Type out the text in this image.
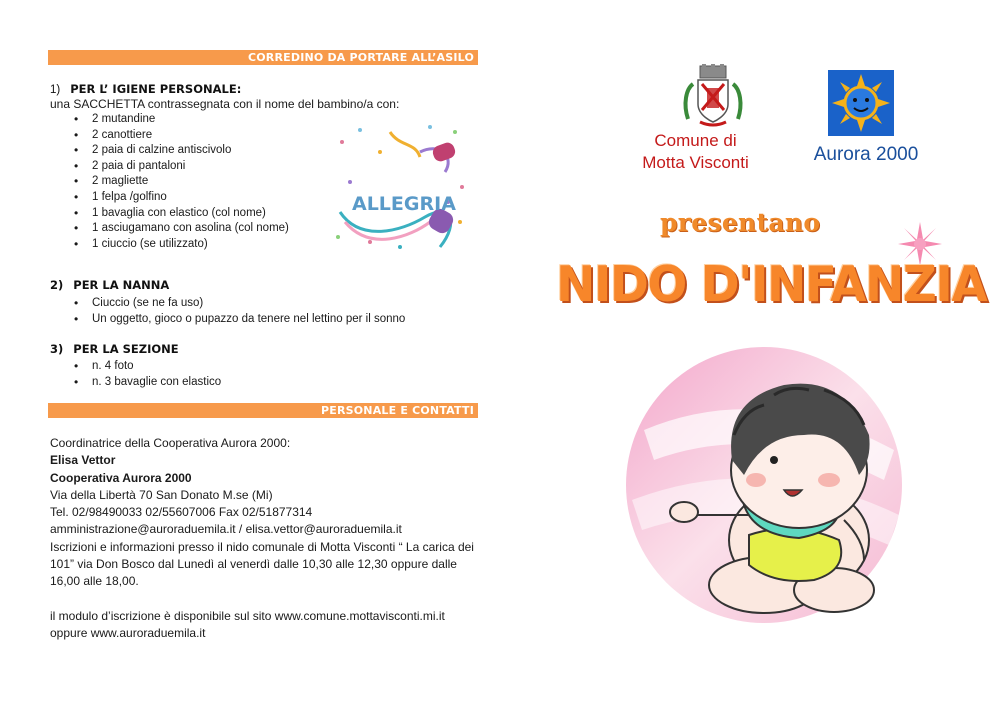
CORREDINO DA PORTARE ALL’ASILO
1) PER L’ IGIENE PERSONALE:
una SACCHETTA contrassegnata con il nome del bambino/a con:
• 2 mutandine
• 2 canottiere
• 2 paia di calzine antiscivolo
• 2 paia di pantaloni
• 2 magliette
• 1 felpa /golfino
• 1 bavaglia con elastico (col nome)
• 1 asciugamano con asolina (col nome)
• 1 ciuccio (se utilizzato)
2) PER LA NANNA
• Ciuccio (se ne fa uso)
• Un oggetto, gioco o pupazzo da tenere nel lettino per il sonno
3) PER LA SEZIONE
• n. 4 foto
• n. 3 bavaglie con elastico
PERSONALE E CONTATTI
ALLEGRIA

Coordinatrice della Cooperativa Aurora 2000:

Elisa Vettor

Cooperativa Aurora 2000

Via della Libertà 70 San Donato M.se (Mi)

Tel. 02/98490033 02/55607006 Fax 02/51877314

amministrazione@auroraduemila.it / elisa.vettor@auroraduemila.it

Iscrizioni e informazioni presso il nido comunale di Motta Visconti “ La carica dei

101” via Don Bosco dal Lunedì al venerdì dalle 10,30 alle 12,30 oppure dalle

16,00 alle 18,00.

il modulo d’iscrizione è disponibile sul sito www.comune.mottavisconti.mi.it

oppure www.auroraduemila.it

Comune di
Motta Visconti	Aurora 2000
presentano
NIDO D'INFANZIA
